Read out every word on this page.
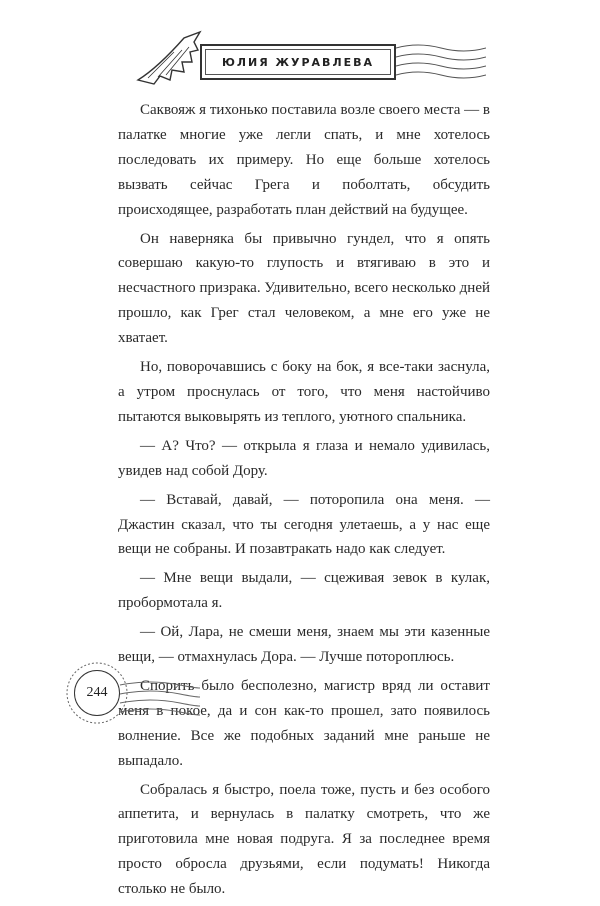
ЮЛИЯ ЖУРАВЛЕВА

Саквояж я тихонько поставила возле своего места — в палатке многие уже легли спать, и мне хотелось последовать их примеру. Но еще больше хотелось вызвать сейчас Грега и поболтать, обсудить происходящее, разработать план действий на будущее.

Он наверняка бы привычно гундел, что я опять совершаю какую-то глупость и втягиваю в это и несчастного призрака. Удивительно, всего несколько дней прошло, как Грег стал человеком, а мне его уже не хватает.

Но, поворочавшись с боку на бок, я все-таки заснула, а утром проснулась от того, что меня настойчиво пытаются выковырять из теплого, уютного спальника.

— А? Что? — открыла я глаза и немало удивилась, увидев над собой Дору.

— Вставай, давай, — поторопила она меня. — Джастин сказал, что ты сегодня улетаешь, а у нас еще вещи не собраны. И позавтракать надо как следует.

— Мне вещи выдали, — сцеживая зевок в кулак, пробормотала я.

— Ой, Лара, не смеши меня, знаем мы эти казенные вещи, — отмахнулась Дора. — Лучше потороплюсь.

Спорить было бесполезно, магистр вряд ли оставит меня в покое, да и сон как-то прошел, зато появилось волнение. Все же подобных заданий мне раньше не выпадало.

Собралась я быстро, поела тоже, пусть и без особого аппетита, и вернулась в палатку смотреть, что же приготовила мне новая подруга. Я за последнее время просто обросла друзьями, если подумать! Никогда столько не было.

244
